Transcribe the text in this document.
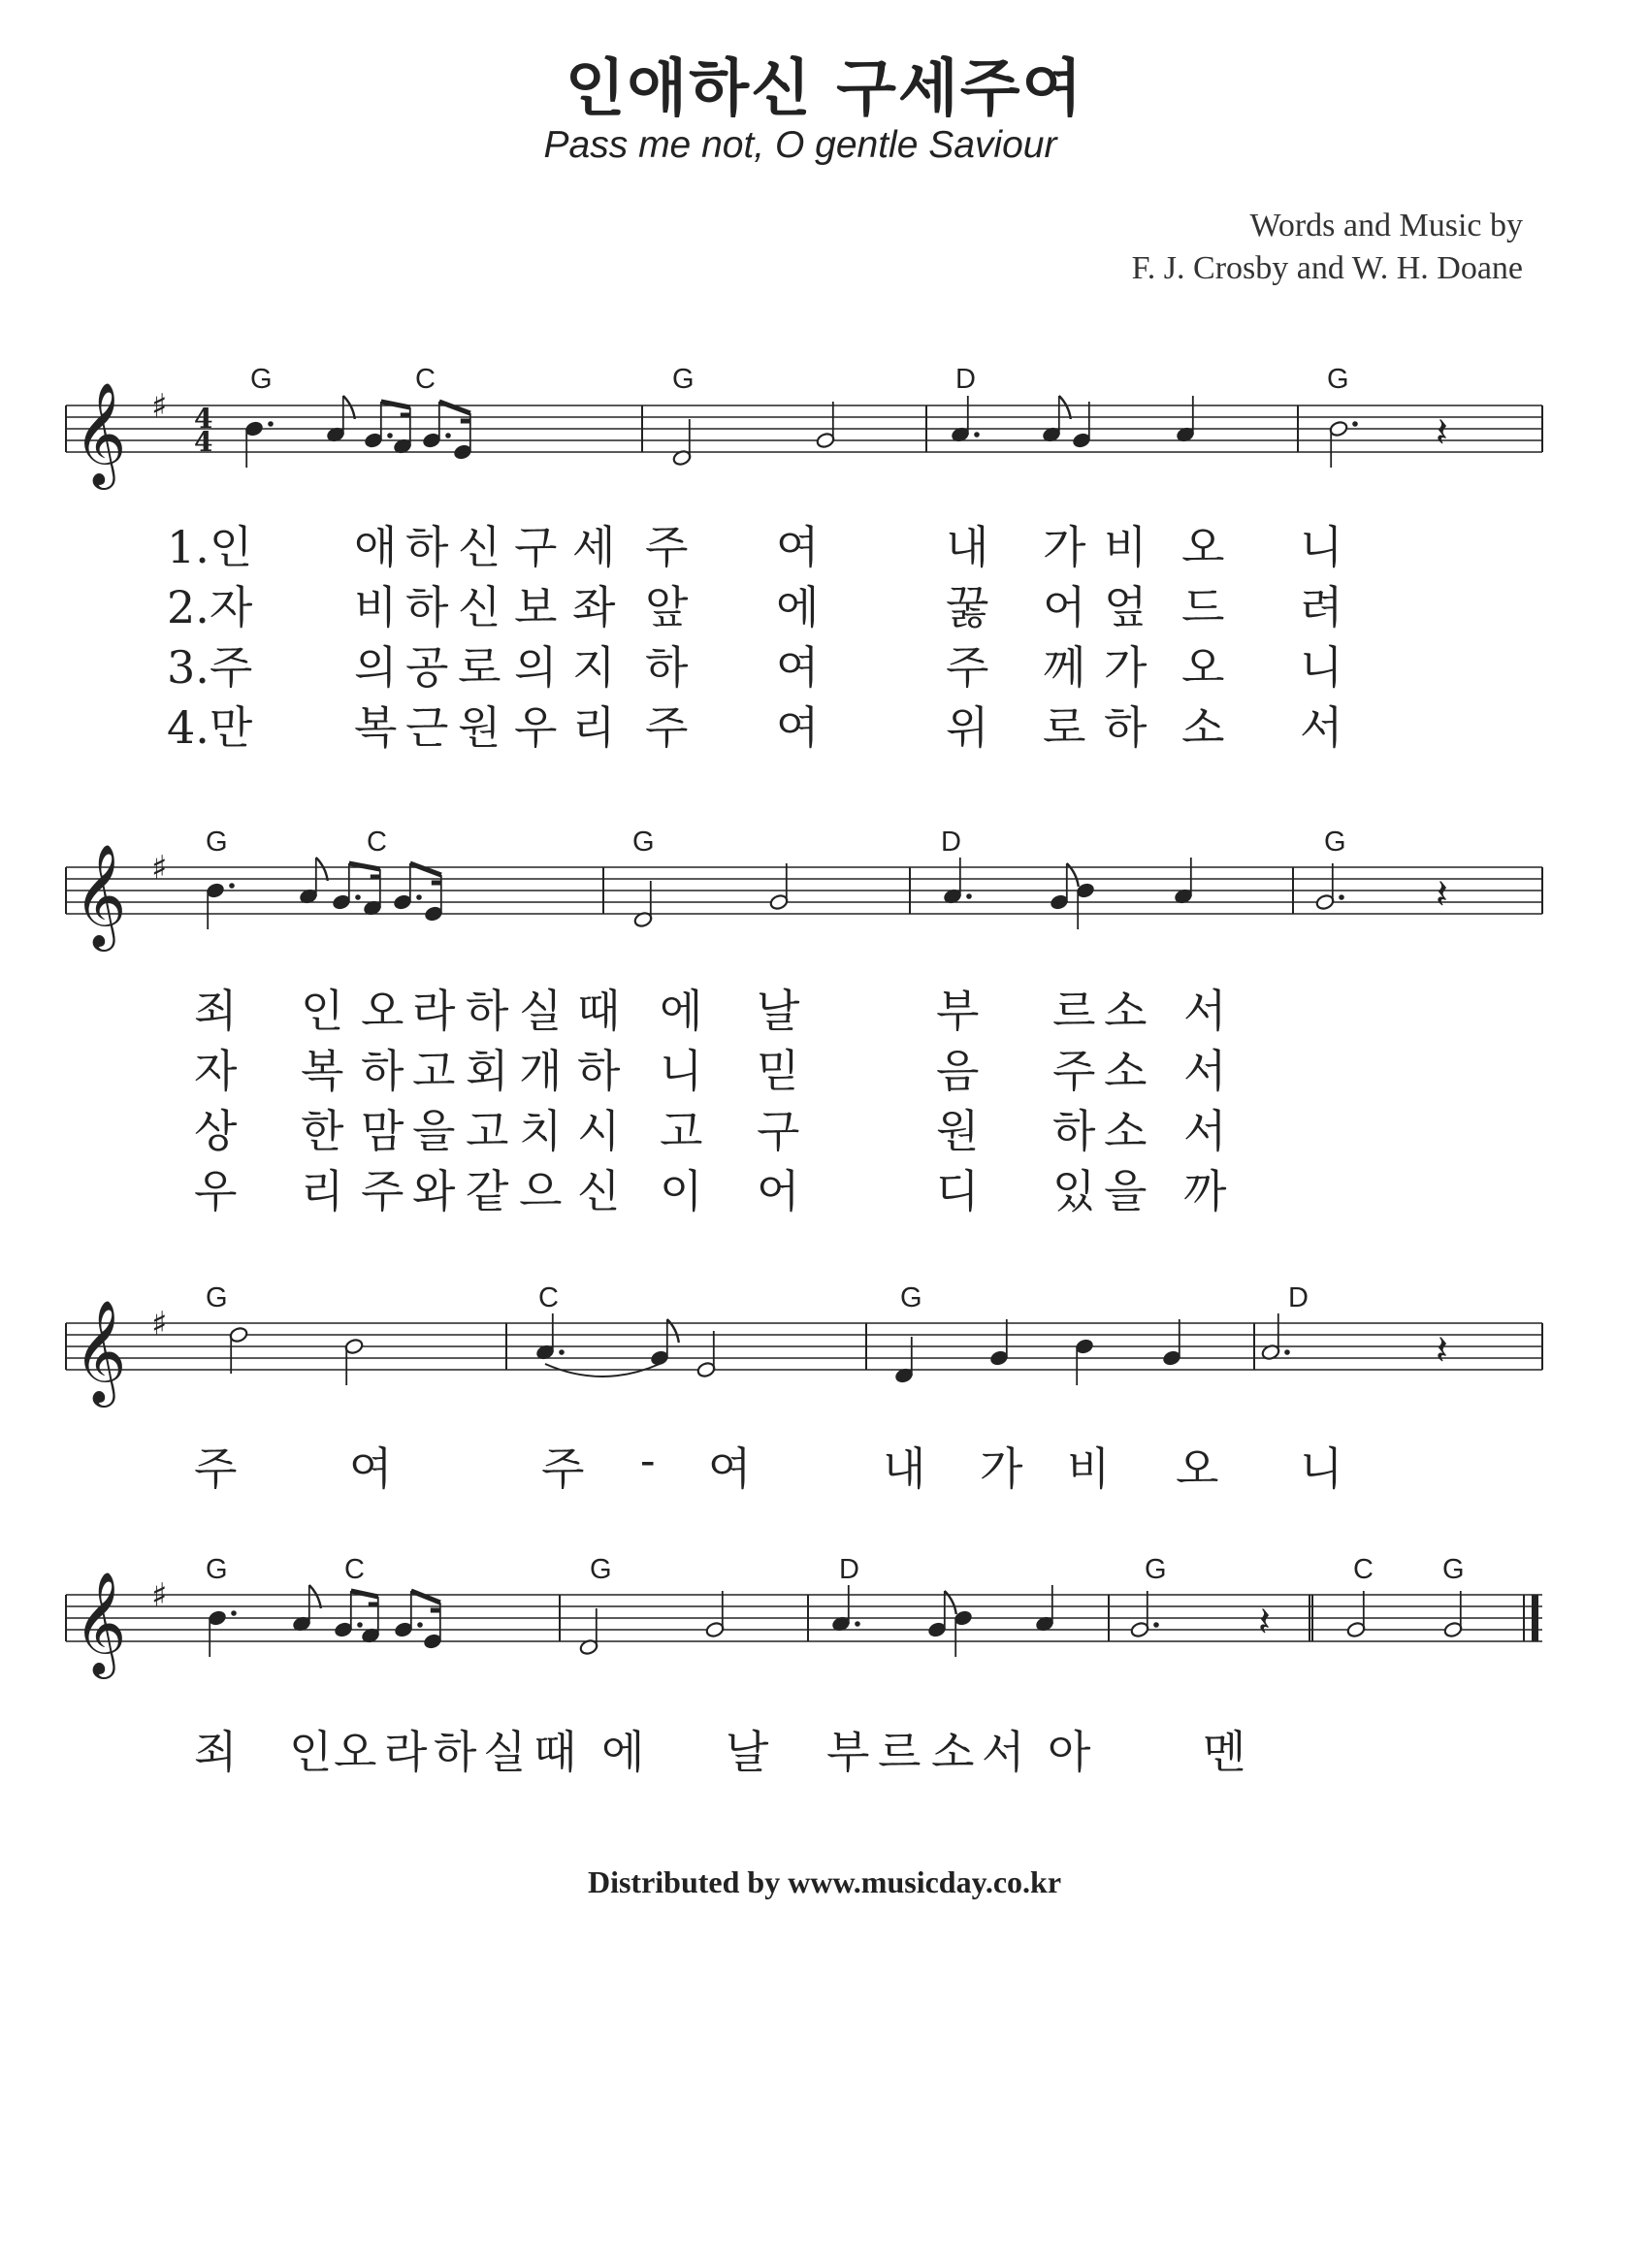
인애하신 구세주여
Pass me not, O gentle Saviour
Words and Music by
F. J. Crosby and W. H. Doane
𝄞 ♯ 4
4	𝄽
𝄞 ♯
𝄽
𝄞 ♯
𝄽
𝄞 ♯
𝄽
G	C	G	D	G
1.인 애 하 신 구 세 주 여	내 가 비 오 니
2.자 비 하 신 보 좌 앞 에	꿇 어 엎 드 려
3.주 의 공 로 의 지 하 여	주 께 가 오 니
4.만 복 근 원 우 리 주 여	위 로 하 소 서
G	C	G	D	G
죄 인 오 라 하 실 때 에 날	부 르 소 서
자 복 하 고 회 개 하 니 믿	음 주 소 서
상 한 맘 을 고 치 시 고 구	원 하 소 서
우 리 주 와 같 으 신 이 어	디 있 을 까
G	C	G	D
주	여	주 - 여	내 가 비 오 니
G	C	G	D	G	C G
죄 인 오 라 하 실 때 에 날 부 르 소 서 아	멘
Distributed by www.musicday.co.kr
